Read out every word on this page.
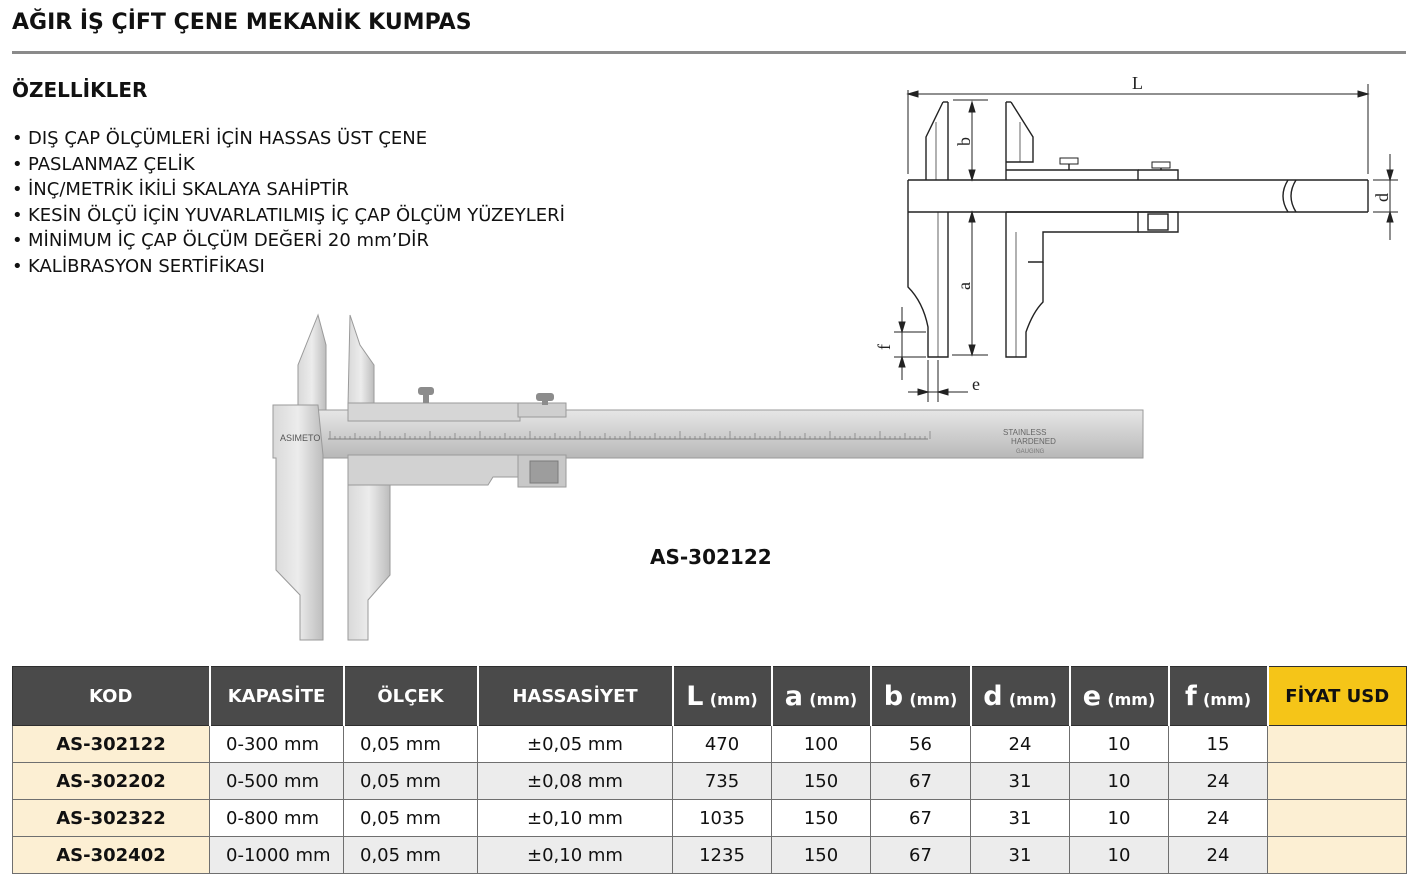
AĞIR İŞ ÇİFT ÇENE MEKANİK KUMPAS
ÖZELLİKLER
• DIŞ ÇAP ÖLÇÜMLERİ İÇİN HASSAS ÜST ÇENE
• PASLANMAZ ÇELİK
• İNÇ/METRİK İKİLİ SKALAYA SAHİPTİR
• KESİN ÖLÇÜ İÇİN YUVARLATILMIŞ İÇ ÇAP ÖLÇÜM YÜZEYLERİ
• MİNİMUM İÇ ÇAP ÖLÇÜM DEĞERİ 20 mm’DİR
• KALİBRASYON SERTİFİKASI
ASIMETO
STAINLESS
HARDENED
GAUGING
AS-302122
L
b
a
d
f
e
KOD	KAPASİTE	ÖLÇEK	HASSASİYET	L (mm)	a (mm)	b (mm)	d (mm)	e (mm)	f (mm)	FİYAT USD
AS-302122	0-300 mm	0,05 mm	±0,05 mm	470	100	56	24	10	15	
AS-302202	0-500 mm	0,05 mm	±0,08 mm	735	150	67	31	10	24	
AS-302322	0-800 mm	0,05 mm	±0,10 mm	1035	150	67	31	10	24	
AS-302402	0-1000 mm	0,05 mm	±0,10 mm	1235	150	67	31	10	24	
